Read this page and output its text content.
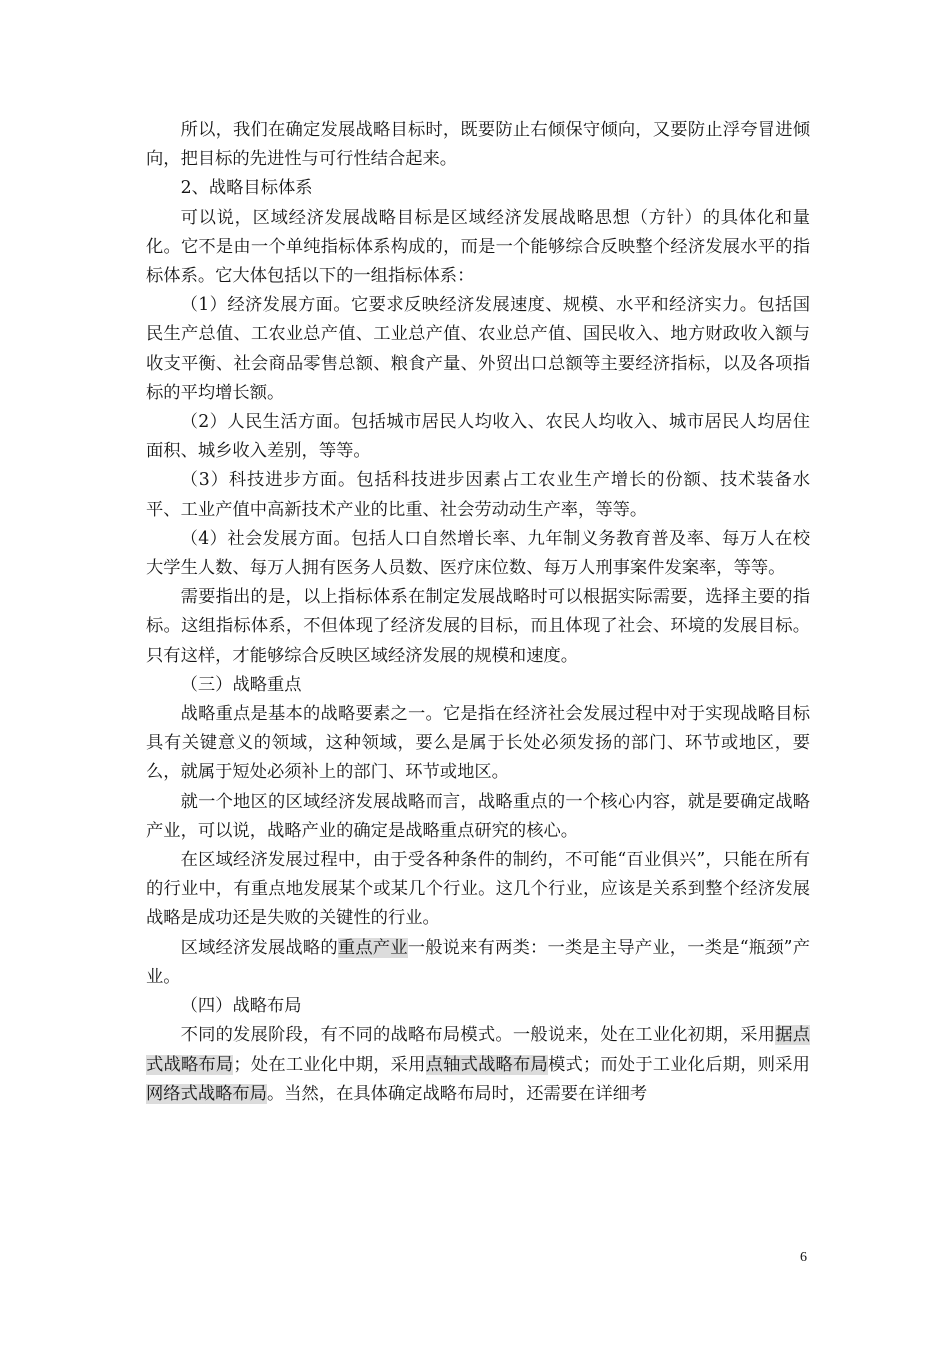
所以，我们在确定发展战略目标时，既要防止右倾保守倾向，又要防止浮夸冒进倾向，把目标的先进性与可行性结合起来。

2、战略目标体系

可以说，区域经济发展战略目标是区域经济发展战略思想（方针）的具体化和量化。它不是由一个单纯指标体系构成的，而是一个能够综合反映整个经济发展水平的指标体系。它大体包括以下的一组指标体系：

（1）经济发展方面。它要求反映经济发展速度、规模、水平和经济实力。包括国民生产总值、工农业总产值、工业总产值、农业总产值、国民收入、地方财政收入额与收支平衡、社会商品零售总额、粮食产量、外贸出口总额等主要经济指标，以及各项指标的平均增长额。

（2）人民生活方面。包括城市居民人均收入、农民人均收入、城市居民人均居住面积、城乡收入差别，等等。

（3）科技进步方面。包括科技进步因素占工农业生产增长的份额、技术装备水平、工业产值中高新技术产业的比重、社会劳动动生产率，等等。

（4）社会发展方面。包括人口自然增长率、九年制义务教育普及率、每万人在校大学生人数、每万人拥有医务人员数、医疗床位数、每万人刑事案件发案率，等等。

需要指出的是，以上指标体系在制定发展战略时可以根据实际需要，选择主要的指标。这组指标体系，不但体现了经济发展的目标，而且体现了社会、环境的发展目标。只有这样，才能够综合反映区域经济发展的规模和速度。

（三）战略重点

战略重点是基本的战略要素之一。它是指在经济社会发展过程中对于实现战略目标具有关键意义的领域，这种领域，要么是属于长处必须发扬的部门、环节或地区，要么，就属于短处必须补上的部门、环节或地区。

就一个地区的区域经济发展战略而言，战略重点的一个核心内容，就是要确定战略产业，可以说，战略产业的确定是战略重点研究的核心。

在区域经济发展过程中，由于受各种条件的制约，不可能“百业俱兴”，只能在所有的行业中，有重点地发展某个或某几个行业。这几个行业，应该是关系到整个经济发展战略是成功还是失败的关键性的行业。

区域经济发展战略的重点产业一般说来有两类：一类是主导产业，一类是“瓶颈”产业。

（四）战略布局

不同的发展阶段，有不同的战略布局模式。一般说来，处在工业化初期，采用据点式战略布局；处在工业化中期，采用点轴式战略布局模式；而处于工业化后期，则采用网络式战略布局。当然，在具体确定战略布局时，还需要在详细考

6
